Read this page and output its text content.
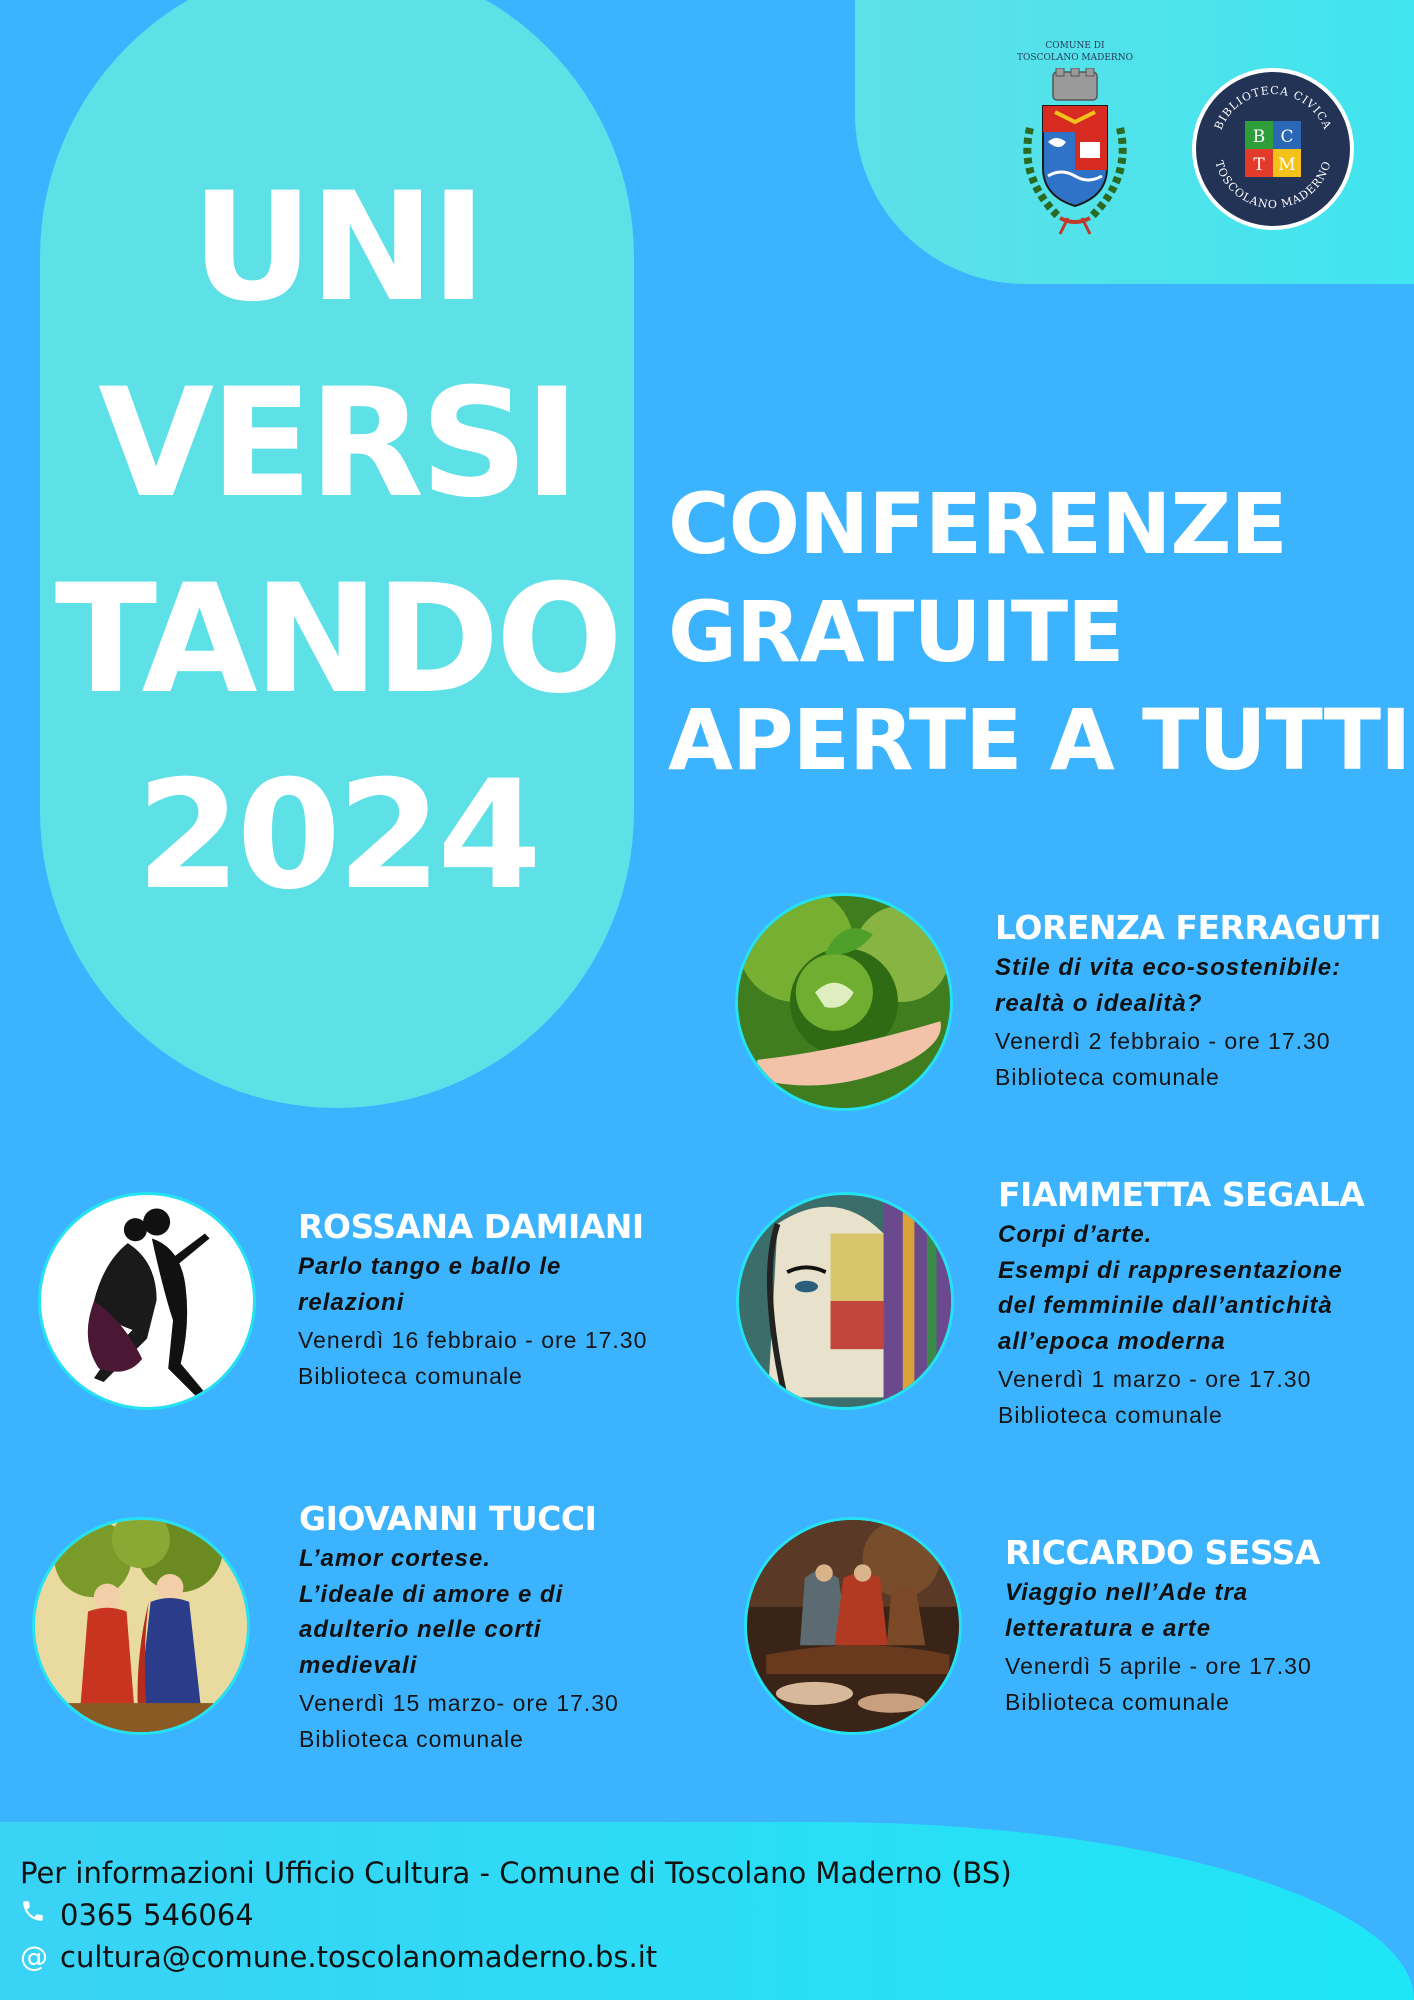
UNI
VERSI
TANDO
2024
CONFERENZE
GRATUITE
APERTE A TUTTI
COMUNE DI
TOSCOLANO MADERNO
BIBLIOTECA CIVICA
TOSCOLANO MADERNO
B C
T M
LORENZA FERRAGUTI
Stile di vita eco-sostenibile:
realtà o idealità?
Venerdì 2 febbraio - ore 17.30
Biblioteca comunale
ROSSANA DAMIANI
Parlo tango e ballo le
relazioni
Venerdì 16 febbraio - ore 17.30
Biblioteca comunale
FIAMMETTA SEGALA
Corpi d’arte.
Esempi di rappresentazione
del femminile dall’antichità
all’epoca moderna
Venerdì 1 marzo - ore 17.30
Biblioteca comunale
GIOVANNI TUCCI
L’amor cortese.
L’ideale di amore e di
adulterio nelle corti
medievali
Venerdì 15 marzo- ore 17.30
Biblioteca comunale
RICCARDO SESSA
Viaggio nell’Ade tra
letteratura e arte
Venerdì 5 aprile - ore 17.30
Biblioteca comunale
Per informazioni Ufficio Cultura - Comune di Toscolano Maderno (BS)
0365 546064
@ cultura@comune.toscolanomaderno.bs.it
